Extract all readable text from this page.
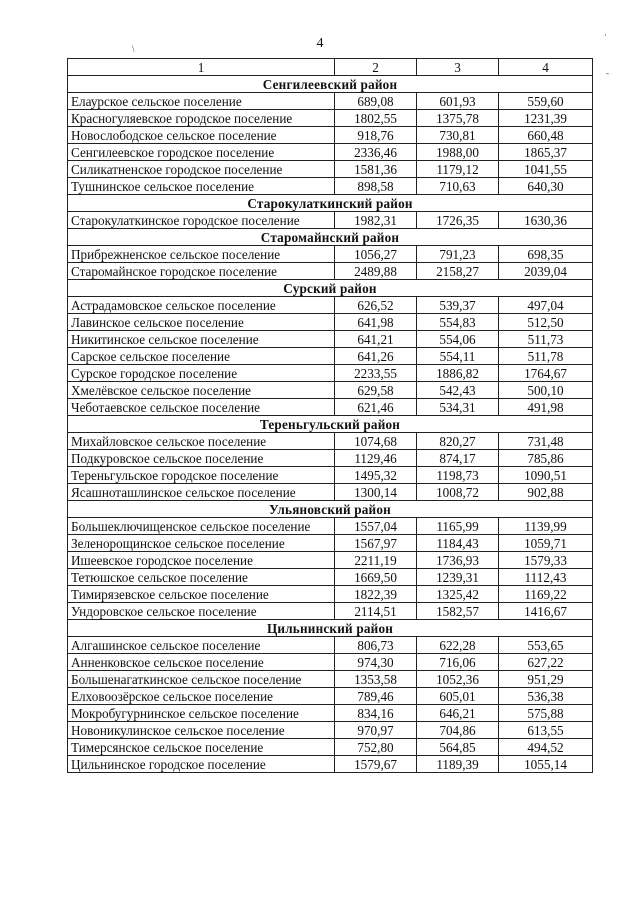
4
\
·
-
1	2	3	4
Сенгилеевский район			
Елаурское сельское поселение	689,08	601,93	559,60
Красногуляевское городское поселение	1802,55	1375,78	1231,39
Новослободское сельское поселение	918,76	730,81	660,48
Сенгилеевское городское поселение	2336,46	1988,00	1865,37
Силикатненское городское поселение	1581,36	1179,12	1041,55
Тушнинское сельское поселение	898,58	710,63	640,30
Старокулаткинский район			
Старокулаткинское городское поселение	1982,31	1726,35	1630,36
Старомайнский район			
Прибрежненское сельское поселение	1056,27	791,23	698,35
Старомайнское городское поселение	2489,88	2158,27	2039,04
Сурский район			
Астрадамовское сельское поселение	626,52	539,37	497,04
Лавинское сельское поселение	641,98	554,83	512,50
Никитинское сельское поселение	641,21	554,06	511,73
Сарское сельское поселение	641,26	554,11	511,78
Сурское городское поселение	2233,55	1886,82	1764,67
Хмелёвское сельское поселение	629,58	542,43	500,10
Чеботаевское сельское поселение	621,46	534,31	491,98
Тереньгульский район			
Михайловское сельское поселение	1074,68	820,27	731,48
Подкуровское сельское поселение	1129,46	874,17	785,86
Тереньгульское городское поселение	1495,32	1198,73	1090,51
Ясашноташлинское сельское поселение	1300,14	1008,72	902,88
Ульяновский район			
Большеключищенское сельское поселение	1557,04	1165,99	1139,99
Зеленорощинское сельское поселение	1567,97	1184,43	1059,71
Ишеевское городское поселение	2211,19	1736,93	1579,33
Тетюшское сельское поселение	1669,50	1239,31	1112,43
Тимирязевское сельское поселение	1822,39	1325,42	1169,22
Ундоровское сельское поселение	2114,51	1582,57	1416,67
Цильнинский район			
Алгашинское сельское поселение	806,73	622,28	553,65
Анненковское сельское поселение	974,30	716,06	627,22
Большенагаткинское сельское поселение	1353,58	1052,36	951,29
Елховоозёрское сельское поселение	789,46	605,01	536,38
Мокробугурнинское сельское поселение	834,16	646,21	575,88
Новоникулинское сельское поселение	970,97	704,86	613,55
Тимерсянское сельское поселение	752,80	564,85	494,52
Цильнинское городское поселение	1579,67	1189,39	1055,14
